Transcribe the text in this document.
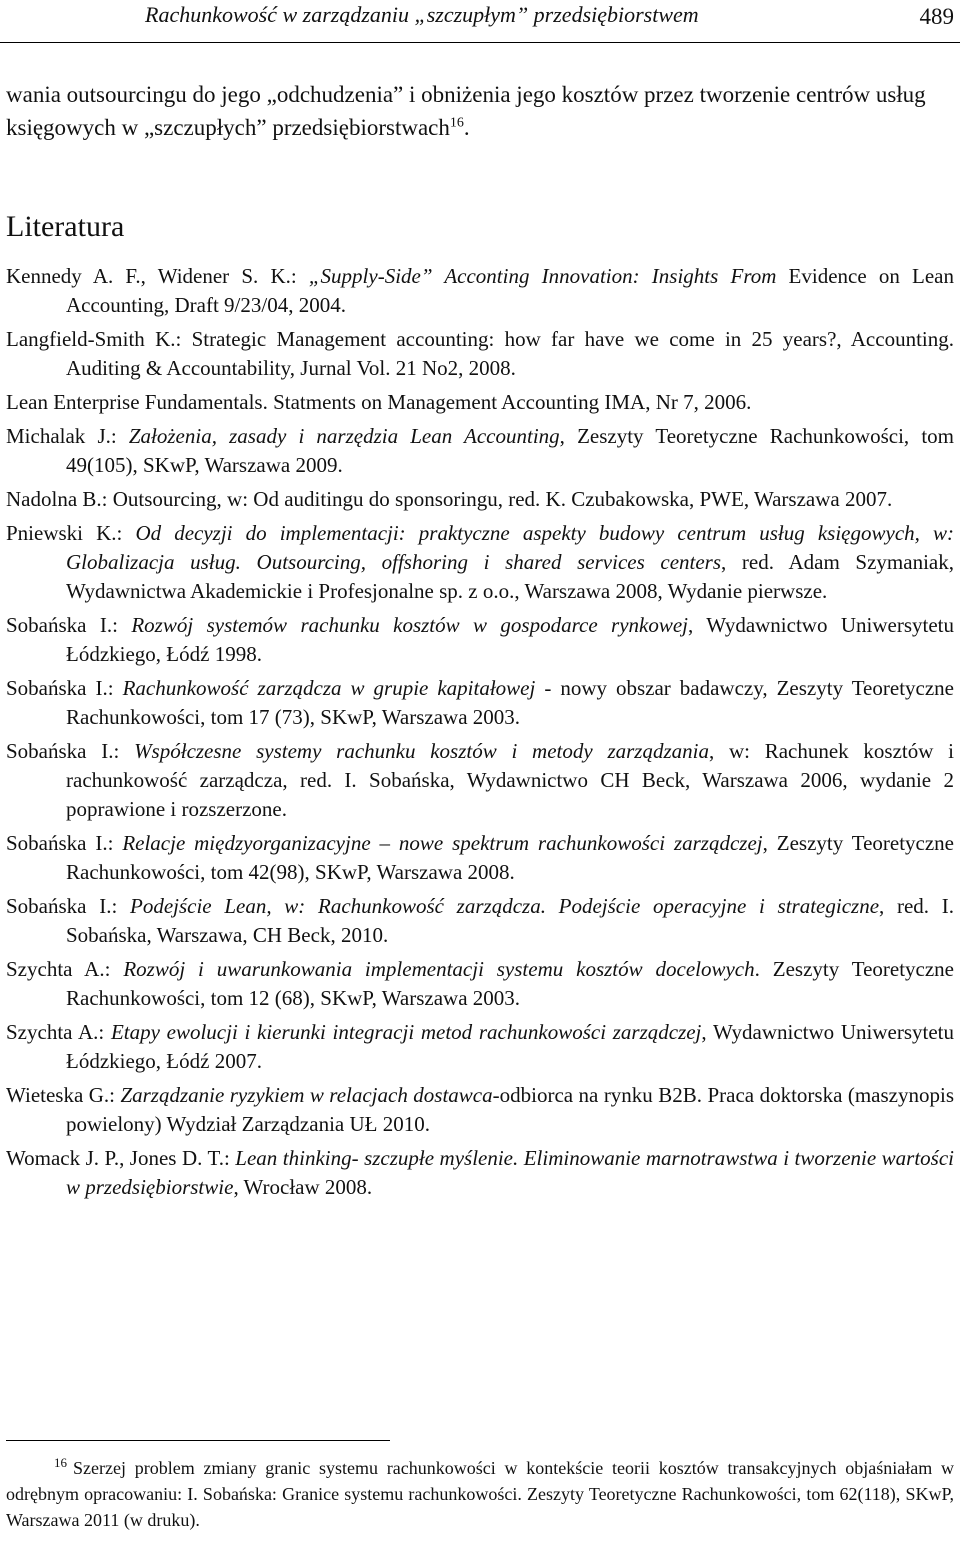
Rachunkowość w zarządzaniu „szczupłym” przedsiębiorstwem	489

wania outsourcingu do jego „odchudzenia” i obniżenia jego kosztów przez tworzenie centrów usług księgowych w „szczupłych” przedsiębiorstwach$^{16}$.

Literatura

Kennedy A. F., Widener S. K.: „Supply-Side” Acconting Innovation: Insights From Evidence on Lean Accounting, Draft 9/23/04, 2004.

Langfield-Smith K.: Strategic Management accounting: how far have we come in 25 years?, Accounting. Auditing & Accountability, Jurnal Vol. 21 No2, 2008.

Lean Enterprise Fundamentals. Statments on Management Accounting IMA, Nr 7, 2006.

Michalak J.: Założenia, zasady i narzędzia Lean Accounting, Zeszyty Teoretyczne Rachunkowości, tom 49(105), SKwP, Warszawa 2009.

Nadolna B.: Outsourcing, w: Od auditingu do sponsoringu, red. K. Czubakowska, PWE, Warszawa 2007.

Pniewski K.: Od decyzji do implementacji: praktyczne aspekty budowy centrum usług księgowych, w: Globalizacja usług. Outsourcing, offshoring i shared services centers, red. Adam Szymaniak, Wydawnictwa Akademickie i Profesjonalne sp. z o.o., Warszawa 2008, Wydanie pierwsze.

Sobańska I.: Rozwój systemów rachunku kosztów w gospodarce rynkowej, Wydawnictwo Uniwersytetu Łódzkiego, Łódź 1998.

Sobańska I.: Rachunkowość zarządcza w grupie kapitałowej - nowy obszar badawczy, Zeszyty Teoretyczne Rachunkowości, tom 17 (73), SKwP, Warszawa 2003.

Sobańska I.: Współczesne systemy rachunku kosztów i metody zarządzania, w: Rachunek kosztów i rachunkowość zarządcza, red. I. Sobańska, Wydawnictwo CH Beck, Warszawa 2006, wydanie 2 poprawione i rozszerzone.

Sobańska I.: Relacje międzyorganizacyjne – nowe spektrum rachunkowości zarządczej, Zeszyty Teoretyczne Rachunkowości, tom 42(98), SKwP, Warszawa 2008.

Sobańska I.: Podejście Lean, w: Rachunkowość zarządcza. Podejście operacyjne i strategiczne, red. I. Sobańska, Warszawa, CH Beck, 2010.

Szychta A.: Rozwój i uwarunkowania implementacji systemu kosztów docelowych. Zeszyty Teoretyczne Rachunkowości, tom 12 (68), SKwP, Warszawa 2003.

Szychta A.: Etapy ewolucji i kierunki integracji metod rachunkowości zarządczej, Wydawnictwo Uniwersytetu Łódzkiego, Łódź 2007.

Wieteska G.: Zarządzanie ryzykiem w relacjach dostawca-odbiorca na rynku B2B. Praca doktorska (maszynopis powielony) Wydział Zarządzania UŁ 2010.

Womack J. P., Jones D. T.: Lean thinking- szczupłe myślenie. Eliminowanie marnotrawstwa i tworzenie wartości w przedsiębiorstwie, Wrocław 2008.

$^{16}$ Szerzej problem zmiany granic systemu rachunkowości w kontekście teorii kosztów transakcyjnych objaśniałam w odrębnym opracowaniu: I. Sobańska: Granice systemu rachunkowości. Zeszyty Teoretyczne Rachunkowości, tom 62(118), SKwP, Warszawa 2011 (w druku).
